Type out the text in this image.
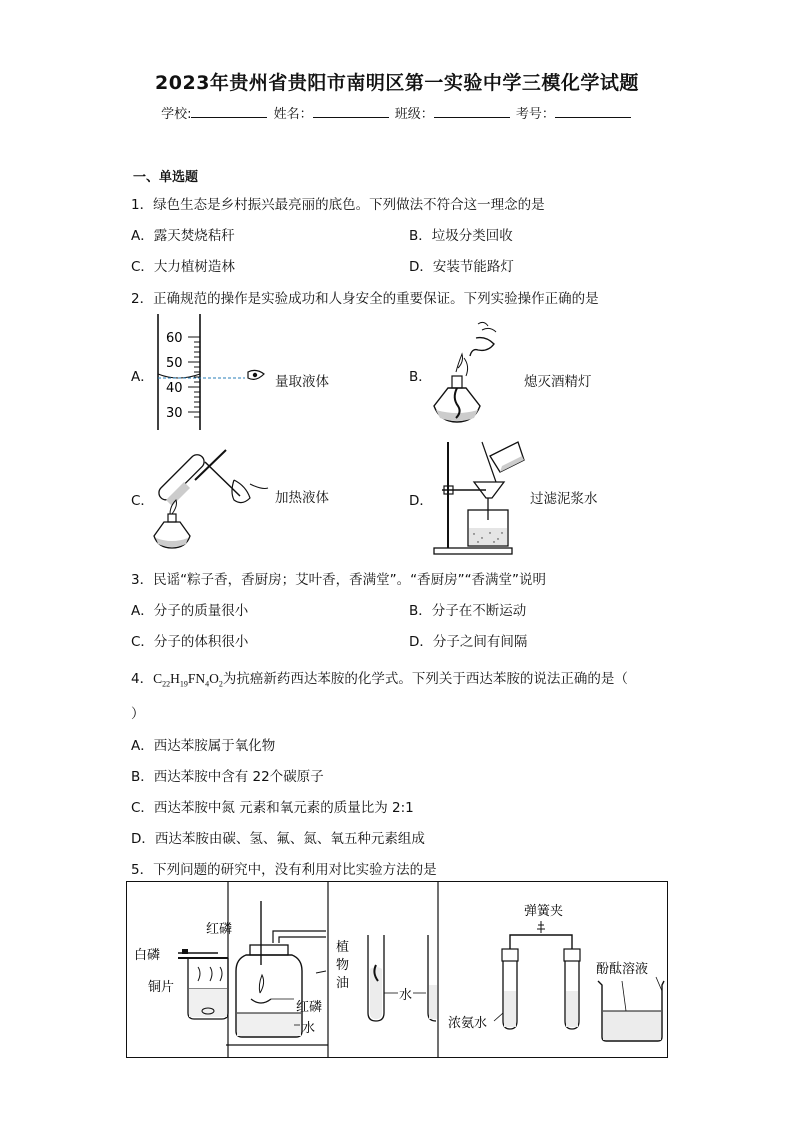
2023年贵州省贵阳市南明区第一实验中学三模化学试题
学校:	姓名：	班级：	考号：
一、单选题
1．绿色生态是乡村振兴最亮丽的底色。下列做法不符合这一理念的是
A．露天焚烧秸秆	B．垃圾分类回收
C．大力植树造林	D．安装节能路灯
2．正确规范的操作是实验成功和人身安全的重要保证。下列实验操作正确的是
A．
60
50
40
30
量取液体	B．	熄灭酒精灯
C．	加热液体	D．	过滤泥浆水
3．民谣“粽子香，香厨房；艾叶香，香满堂”。“香厨房”“香满堂”说明
A．分子的质量很小	B．分子在不断运动
C．分子的体积很小	D．分子之间有间隔
4．$C_{22}H_{19}FN_4O_2$为抗癌新药西达苯胺的化学式。下列关于西达苯胺的说法正确的是（
）
A．西达苯胺属于氧化物
B．西达苯胺中含有 22个碳原子
C．西达苯胺中氮 元素和氧元素的质量比为 2:1
D．西达苯胺由碳、氢、氟、氮、氧五种元素组成
5．下列问题的研究中，没有利用对比实验方法的是
红磷
白磷
铜片
红磷
水
植
物
油
水
弹簧夹
浓氨水
酚酞溶液
